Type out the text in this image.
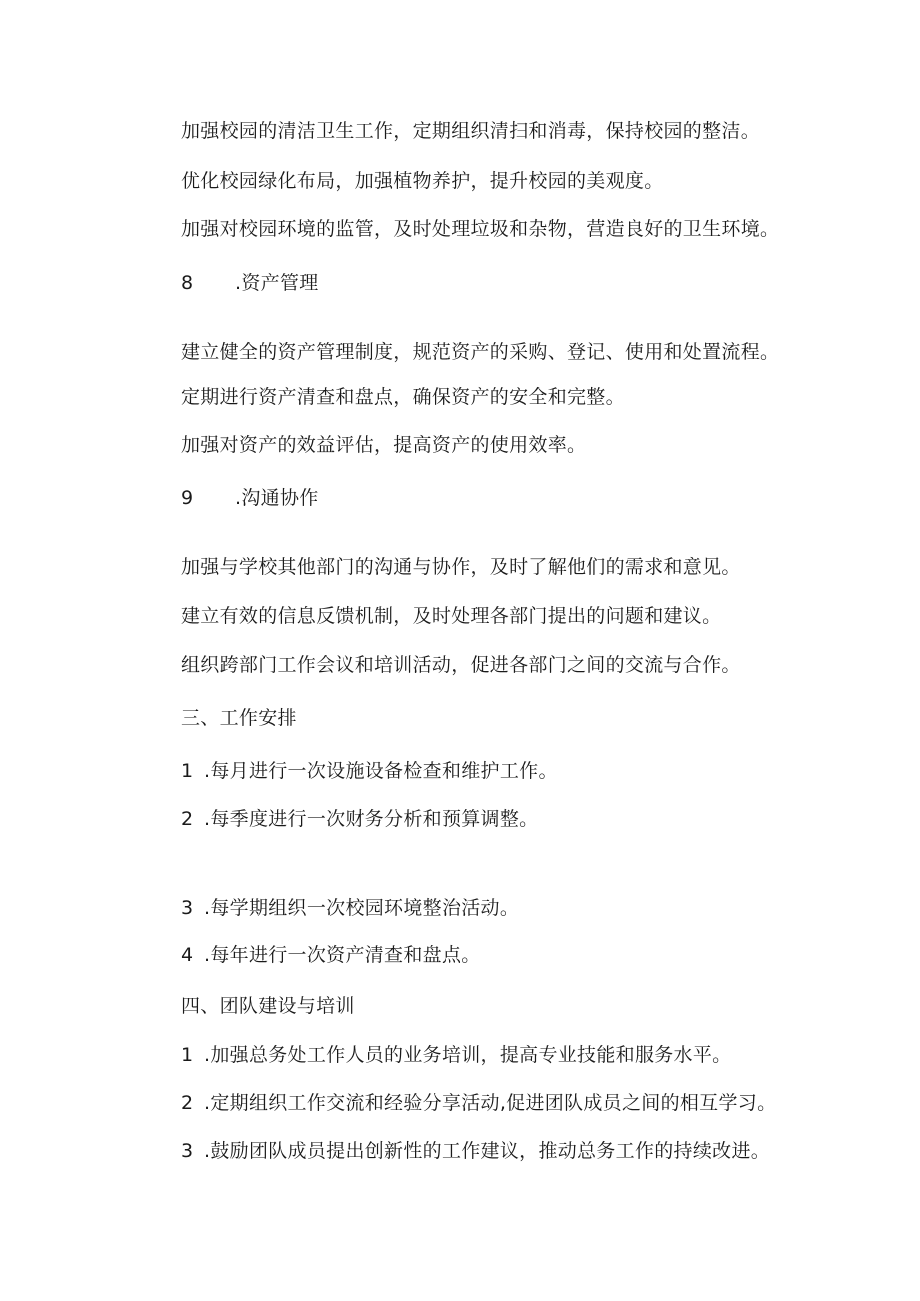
加强校园的清洁卫生工作，定期组织清扫和消毒，保持校园的整洁。
优化校园绿化布局，加强植物养护，提升校园的美观度。
加强对校园环境的监管，及时处理垃圾和杂物，营造良好的卫生环境。
8 .资产管理
建立健全的资产管理制度，规范资产的采购、登记、使用和处置流程。
定期进行资产清查和盘点，确保资产的安全和完整。
加强对资产的效益评估，提高资产的使用效率。
9 .沟通协作
加强与学校其他部门的沟通与协作，及时了解他们的需求和意见。
建立有效的信息反馈机制，及时处理各部门提出的问题和建议。
组织跨部门工作会议和培训活动，促进各部门之间的交流与合作。
三、工作安排
1 .每月进行一次设施设备检查和维护工作。
2 .每季度进行一次财务分析和预算调整。
3 .每学期组织一次校园环境整治活动。
4 .每年进行一次资产清查和盘点。
四、团队建设与培训
1 .加强总务处工作人员的业务培训，提高专业技能和服务水平。
2 .定期组织工作交流和经验分享活动,促进团队成员之间的相互学习。
3 .鼓励团队成员提出创新性的工作建议，推动总务工作的持续改进。
